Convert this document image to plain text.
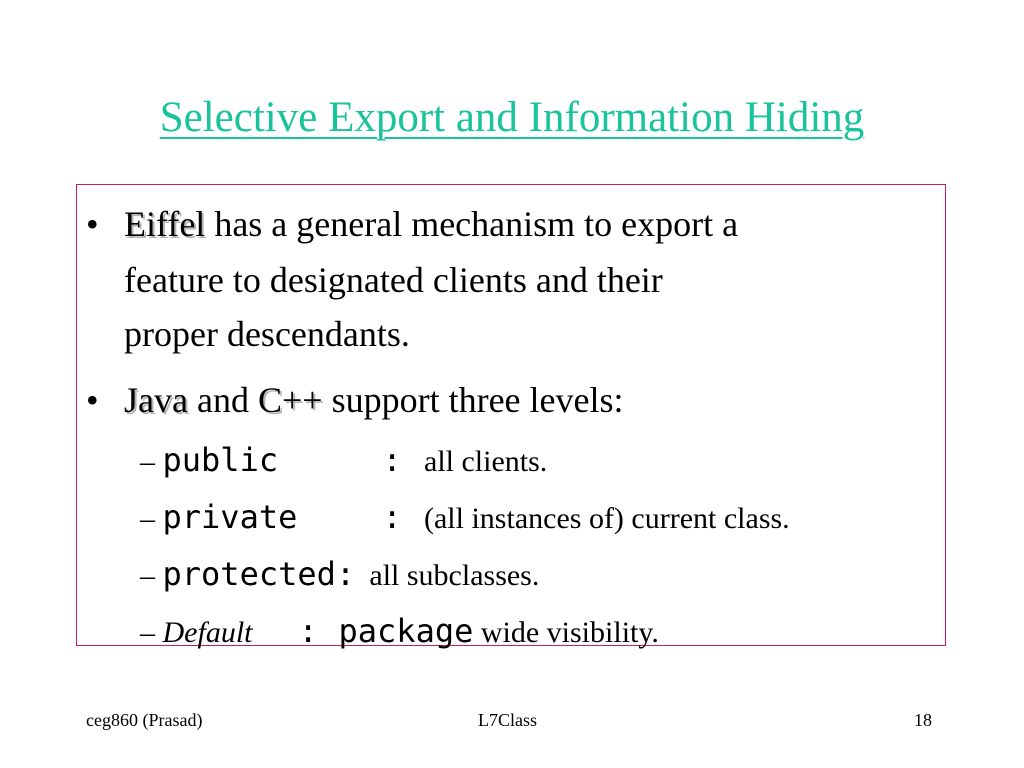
Selective Export and Information Hiding
• Eiffel has a general mechanism to export a
feature to designated clients and their
proper descendants.
• Java and C++ support three levels:
– public	: all clients.
– private	: (all instances of) current class.
– protected: all subclasses.
– Default : package wide visibility.
ceg860 (Prasad)	L7Class	18
